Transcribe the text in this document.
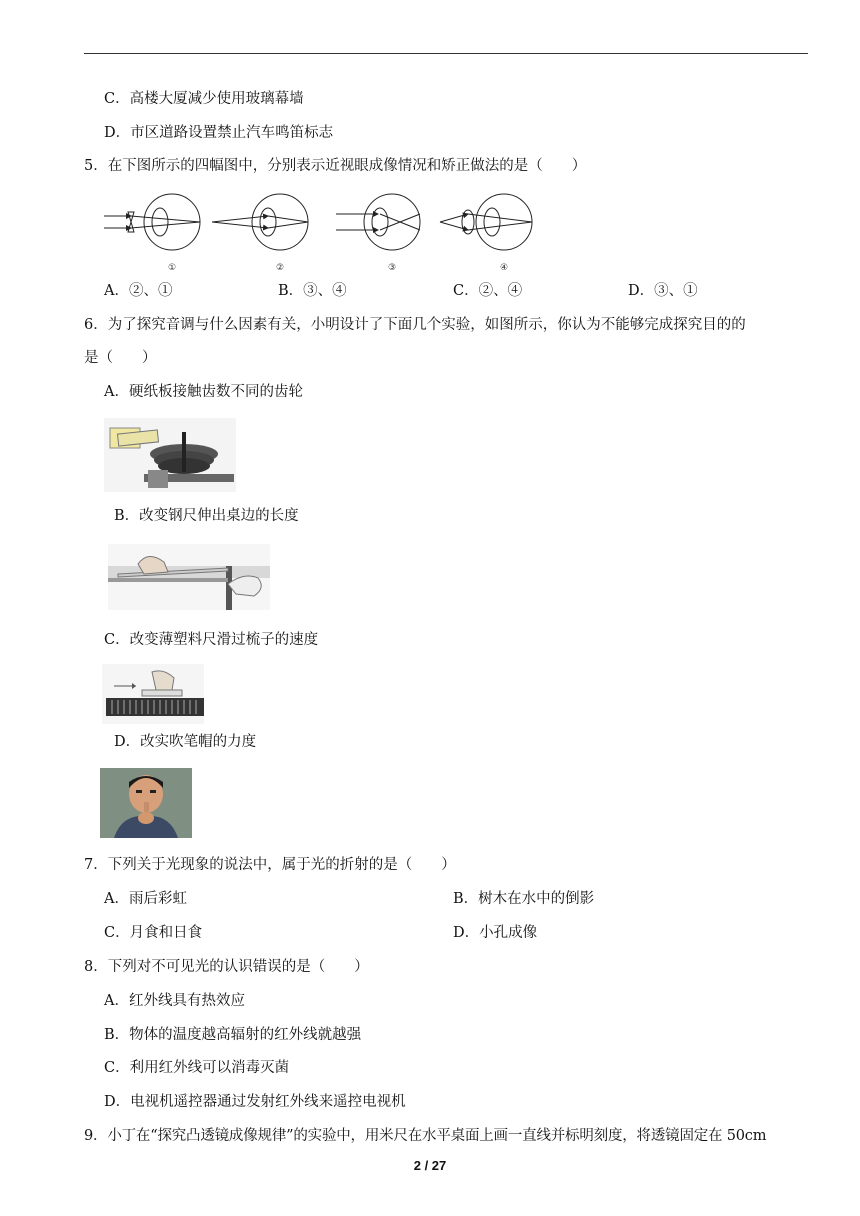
C．高楼大厦减少使用玻璃幕墙
D．市区道路设置禁止汽车鸣笛标志
5．在下图所示的四幅图中，分别表示近视眼成像情况和矫正做法的是（　　）
①	②	③	④
A．②、①	B．③、④	C．②、④	D．③、①
6．为了探究音调与什么因素有关，小明设计了下面几个实验，如图所示，你认为不能够完成探究目的的
是（　　）
A．硬纸板接触齿数不同的齿轮
B．改变钢尺伸出桌边的长度
C．改变薄塑料尺滑过梳子的速度
D．改实吹笔帽的力度
7．下列关于光现象的说法中，属于光的折射的是（　　）
A．雨后彩虹	B．树木在水中的倒影
C．月食和日食	D．小孔成像
8．下列对不可见光的认识错误的是（　　）
A．红外线具有热效应
B．物体的温度越高辐射的红外线就越强
C．利用红外线可以消毒灭菌
D．电视机遥控器通过发射红外线来遥控电视机
9．小丁在“探究凸透镜成像规律”的实验中，用米尺在水平桌面上画一直线并标明刻度，将透镜固定在 50cm
2 / 27
